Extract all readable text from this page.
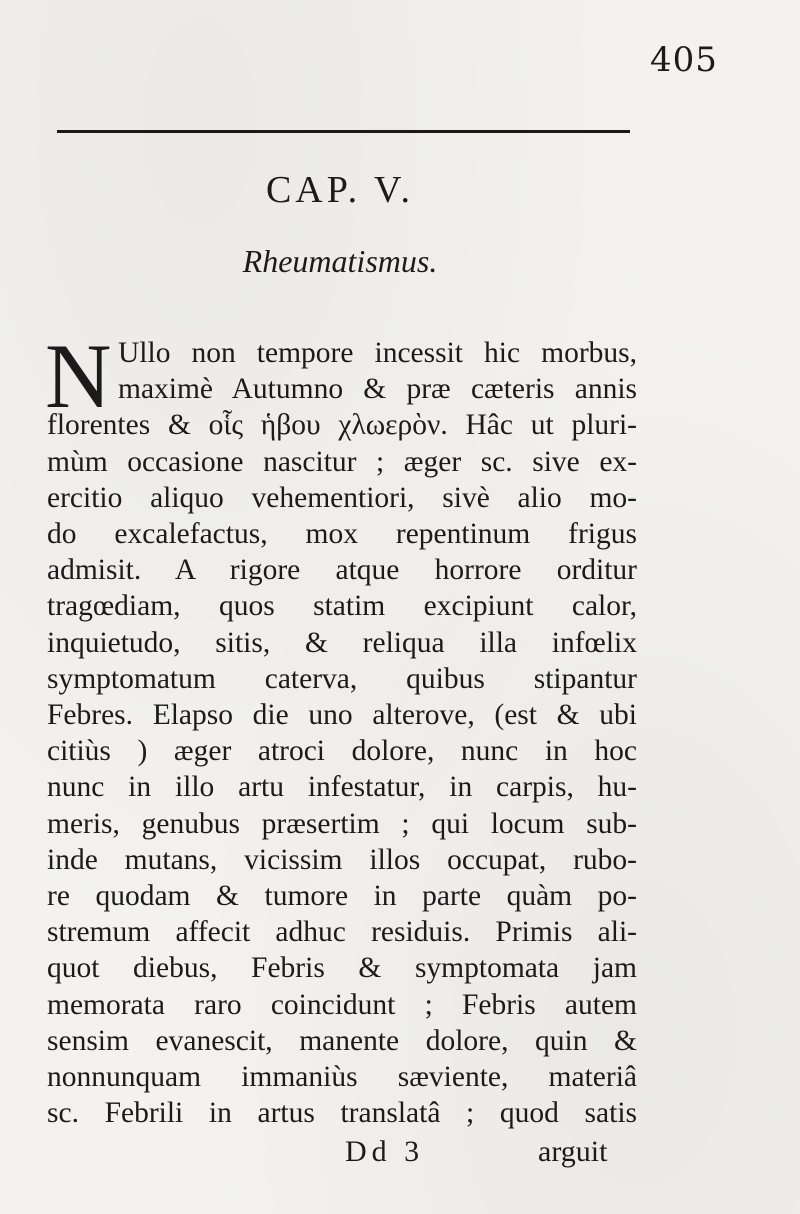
405
CAP. V.
Rheumatismus.
N Ullo non tempore incessit hic morbus,
maximè Autumno & præ cæteris annis
florentes & οἷς ἡβου χλωερὸν. Hâc ut pluri-
mùm occasione nascitur ; æger sc. sive ex-
ercitio aliquo vehementiori, sivè alio mo-
do excalefactus, mox repentinum frigus
admisit. A rigore atque horrore orditur
tragœdiam, quos statim excipiunt calor,
inquietudo, sitis, & reliqua illa infœlix
symptomatum caterva, quibus stipantur
Febres. Elapso die uno alterove, (est & ubi
citiùs ) æger atroci dolore, nunc in hoc
nunc in illo artu infestatur, in carpis, hu-
meris, genubus præsertim ; qui locum sub-
inde mutans, vicissim illos occupat, rubo-
re quodam & tumore in parte quàm po-
stremum affecit adhuc residuis. Primis ali-
quot diebus, Febris & symptomata jam
memorata raro coincidunt ; Febris autem
sensim evanescit, manente dolore, quin &
nonnunquam immaniùs sæviente, materiâ
Dd 3	arguit
sc. Febrili in artus translatâ ; quod satis
